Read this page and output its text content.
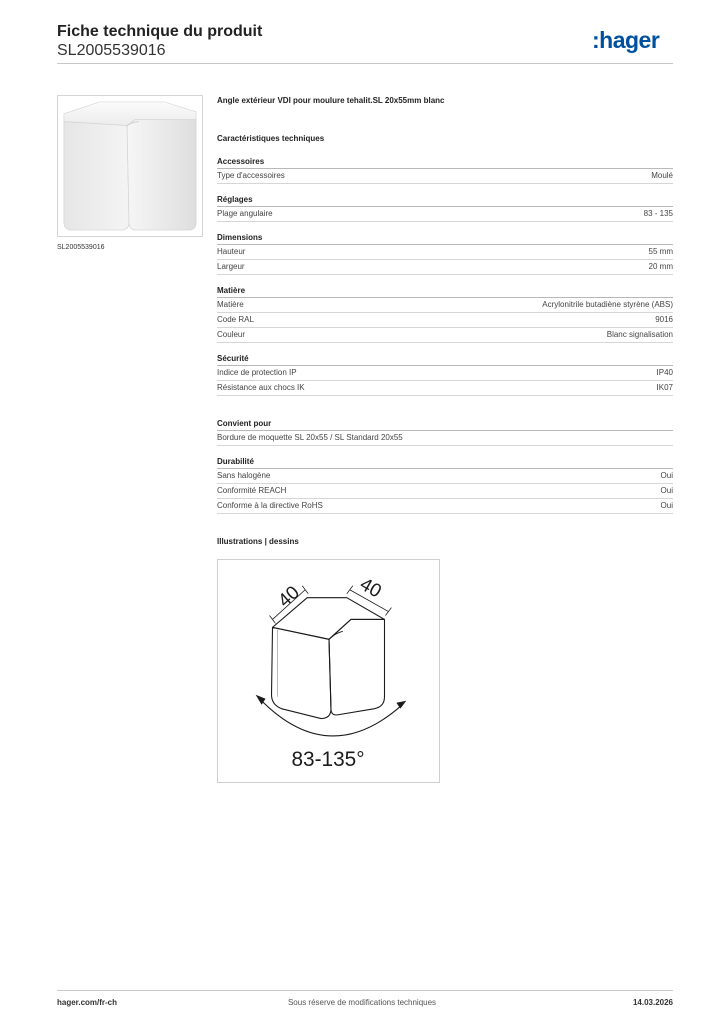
Fiche technique du produit
SL2005539016	:hager
SL2005539016
Angle extérieur VDI pour moulure tehalit.SL 20x55mm blanc
Caractéristiques techniques
Accessoires
Type d'accessoires	Moulé
Réglages
Plage angulaire	83 - 135
Dimensions
Hauteur	55 mm
Largeur	20 mm
Matière
Matière	Acrylonitrile butadiène styrène (ABS)
Code RAL	9016
Couleur	Blanc signalisation
Sécurité
Indice de protection IP	IP40
Résistance aux chocs IK	IK07
Convient pour
Bordure de moquette SL 20x55 / SL Standard 20x55
Durabilité
Sans halogène	Oui
Conformité REACH	Oui
Conforme à la directive RoHS	Oui
Illustrations | dessins
40	40
83-135°
hager.com/fr-ch	Sous réserve de modifications techniques	14.03.2026
